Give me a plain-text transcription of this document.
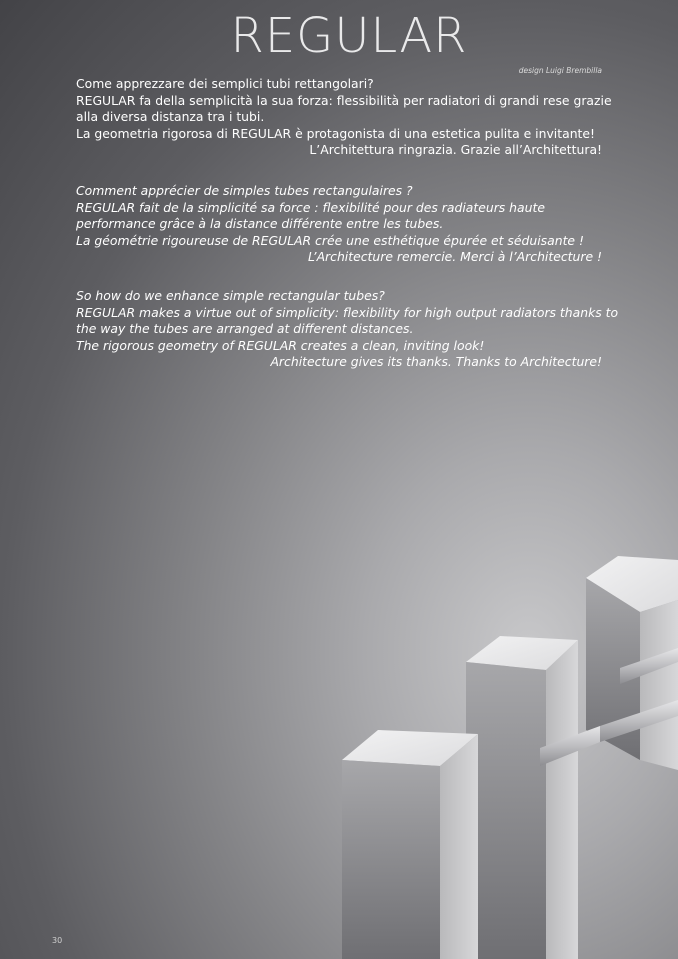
REGULAR
design Luigi Brembilla

Come apprezzare dei semplici tubi rettangolari?

REGULAR fa della semplicità la sua forza: flessibilità per radiatori di grandi rese grazie

alla diversa distanza tra i tubi.

La geometria rigorosa di REGULAR è protagonista di una estetica pulita e invitante!

L’Architettura ringrazia. Grazie all’Architettura!

Comment apprécier de simples tubes rectangulaires ?

REGULAR fait de la simplicité sa force : flexibilité pour des radiateurs haute

performance grâce à la distance différente entre les tubes.

La géométrie rigoureuse de REGULAR crée une esthétique épurée et séduisante !

L’Architecture remercie. Merci à l’Architecture !

So how do we enhance simple rectangular tubes?

REGULAR makes a virtue out of simplicity: flexibility for high output radiators thanks to

the way the tubes are arranged at different distances.

The rigorous geometry of REGULAR creates a clean, inviting look!

Architecture gives its thanks. Thanks to Architecture!

30
